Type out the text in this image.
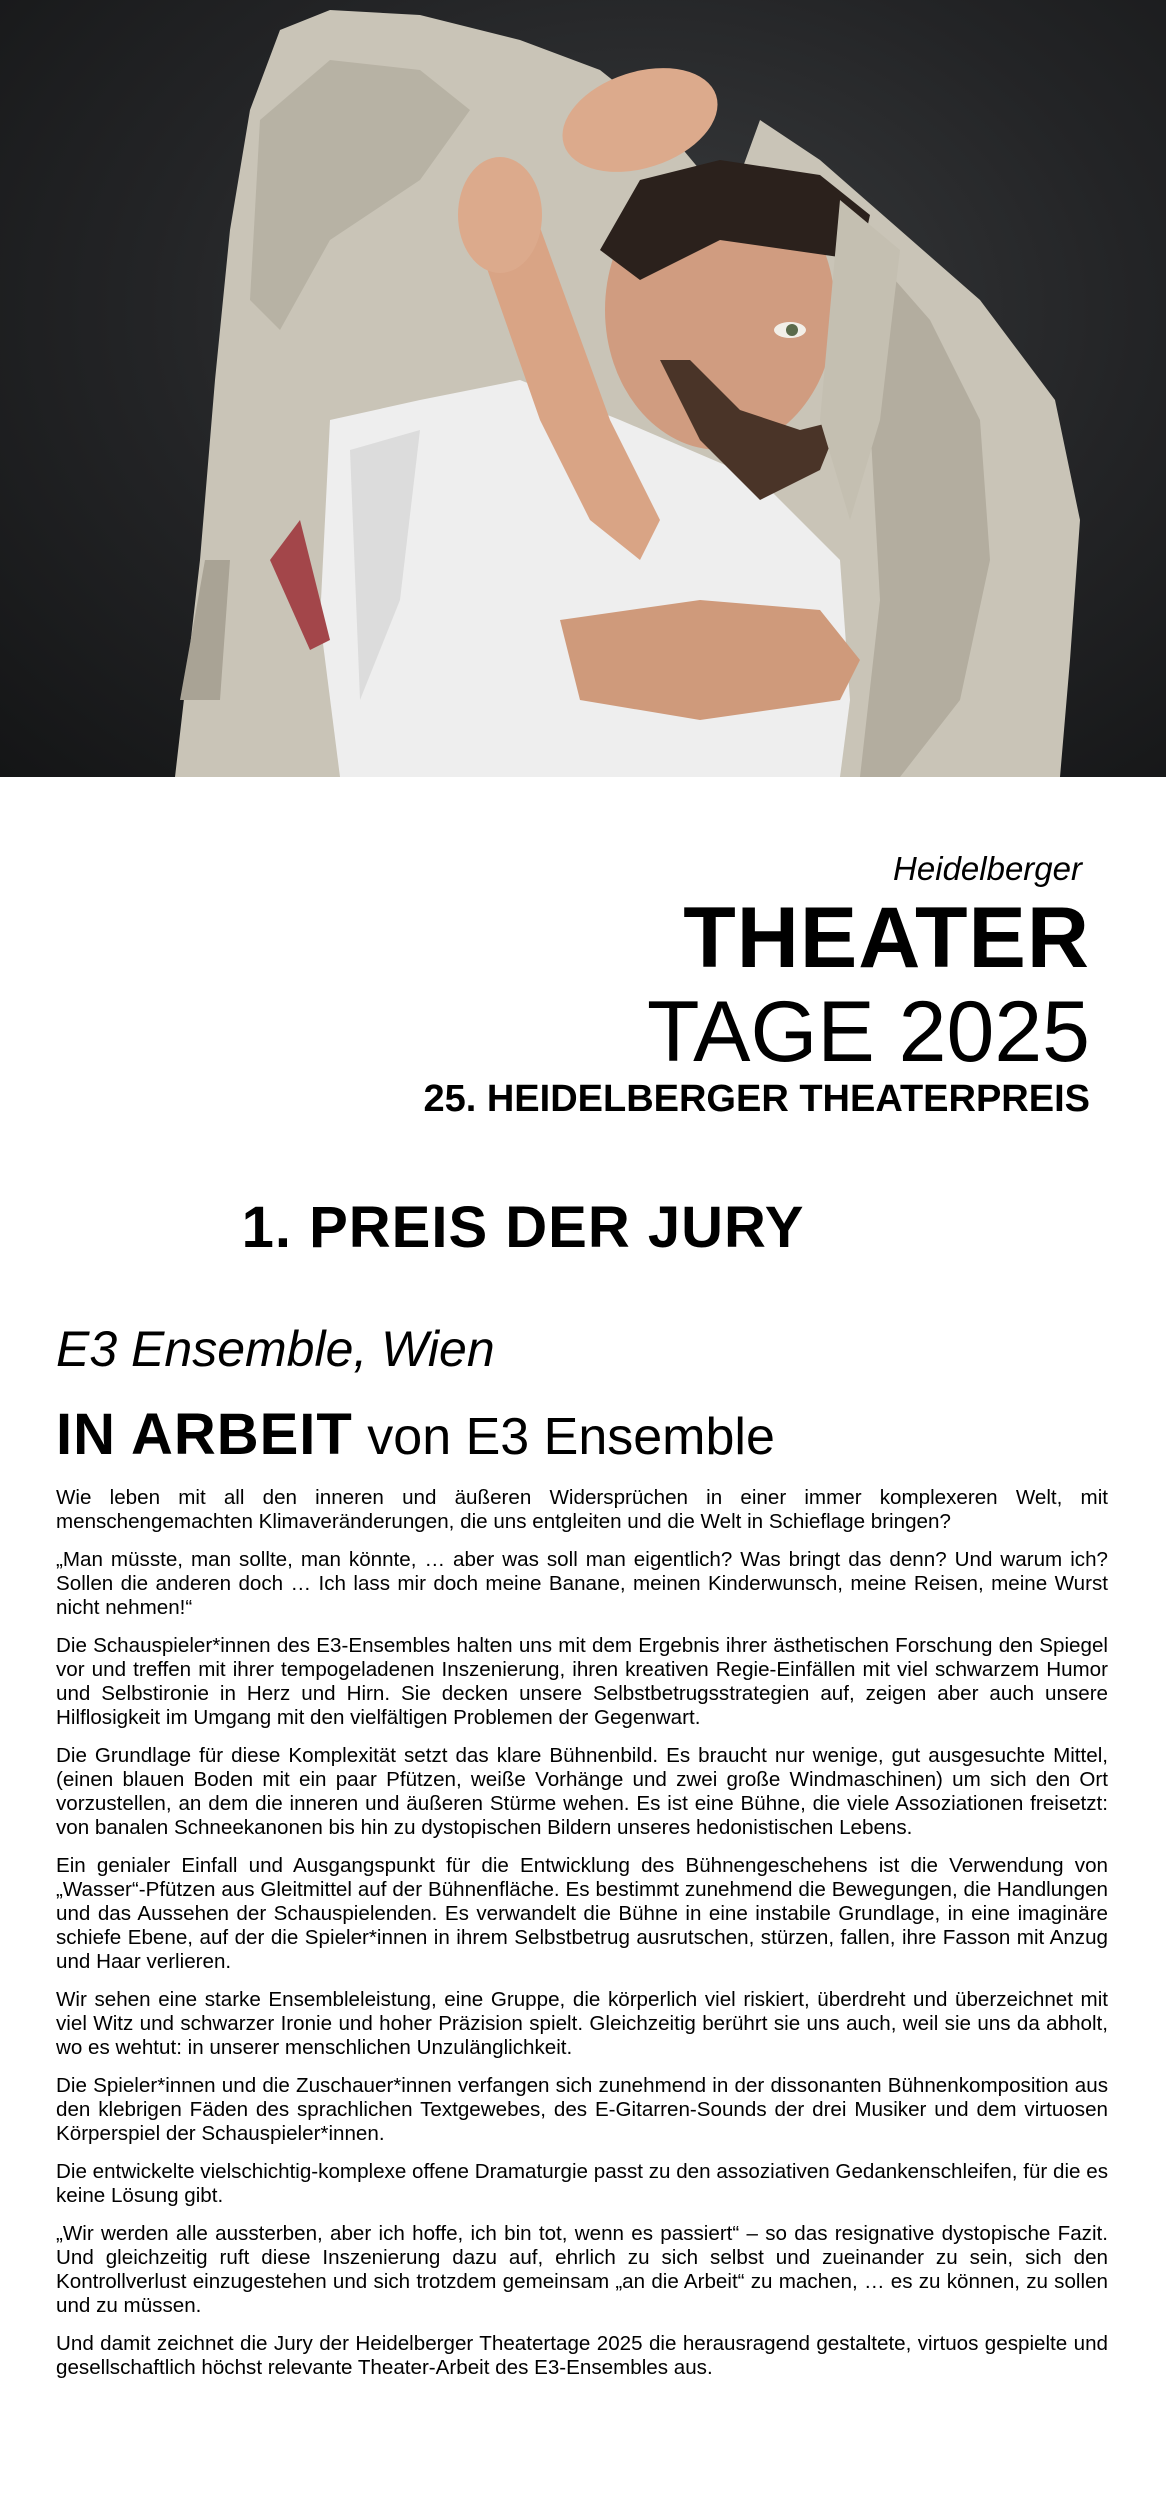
Heidelberger
THEATER
TAGE 2025
25. HEIDELBERGER THEATERPREIS
1. PREIS DER JURY
E3 Ensemble, Wien
IN ARBEIT von E3 Ensemble

Wie leben mit all den inneren und äußeren Widersprüchen in einer immer komplexeren Welt, mit menschengemachten Klimaveränderungen, die uns entgleiten und die Welt in Schieflage bringen?

„Man müsste, man sollte, man könnte, … aber was soll man eigentlich? Was bringt das denn? Und warum ich? Sollen die anderen doch … Ich lass mir doch meine Banane, meinen Kinderwunsch, meine Reisen, meine Wurst nicht nehmen!“

Die Schauspieler*innen des E3-Ensembles halten uns mit dem Ergebnis ihrer ästhetischen Forschung den Spiegel vor und treffen mit ihrer tempogeladenen Inszenierung, ihren kreativen Regie-Einfällen mit viel schwarzem Humor und Selbstironie in Herz und Hirn. Sie decken unsere Selbstbetrugsstrategien auf, zeigen aber auch unsere Hilflosigkeit im Umgang mit den vielfältigen Problemen der Gegenwart.

Die Grundlage für diese Komplexität setzt das klare Bühnenbild. Es braucht nur wenige, gut ausgesuchte Mittel, (einen blauen Boden mit ein paar Pfützen, weiße Vorhänge und zwei große Windmaschinen) um sich den Ort vorzustellen, an dem die inneren und äußeren Stürme wehen. Es ist eine Bühne, die viele Assoziationen freisetzt: von banalen Schneekanonen bis hin zu dystopischen Bildern unseres hedonistischen Lebens.

Ein genialer Einfall und Ausgangspunkt für die Entwicklung des Bühnengeschehens ist die Verwendung von „Wasser“-Pfützen aus Gleitmittel auf der Bühnenfläche. Es bestimmt zunehmend die Bewegungen, die Handlungen und das Aussehen der Schauspielenden. Es verwandelt die Bühne in eine instabile Grundlage, in eine imaginäre schiefe Ebene, auf der die Spieler*innen in ihrem Selbstbetrug ausrutschen, stürzen, fallen, ihre Fasson mit Anzug und Haar verlieren.

Wir sehen eine starke Ensembleleistung, eine Gruppe, die körperlich viel riskiert, überdreht und überzeichnet mit viel Witz und schwarzer Ironie und hoher Präzision spielt. Gleichzeitig berührt sie uns auch, weil sie uns da abholt, wo es wehtut: in unserer menschlichen Unzulänglichkeit.

Die Spieler*innen und die Zuschauer*innen verfangen sich zunehmend in der dissonanten Bühnenkomposition aus den klebrigen Fäden des sprachlichen Textgewebes, des E-Gitarren-Sounds der drei Musiker und dem virtuosen Körperspiel der Schauspieler*innen.

Die entwickelte vielschichtig-komplexe offene Dramaturgie passt zu den assoziativen Gedankenschleifen, für die es keine Lösung gibt.

„Wir werden alle aussterben, aber ich hoffe, ich bin tot, wenn es passiert“ – so das resignative dystopische Fazit. Und gleichzeitig ruft diese Inszenierung dazu auf, ehrlich zu sich selbst und zueinander zu sein, sich den Kontrollverlust einzugestehen und sich trotzdem gemeinsam „an die Arbeit“ zu machen, … es zu können, zu sollen und zu müssen.

Und damit zeichnet die Jury der Heidelberger Theatertage 2025 die herausragend gestaltete, virtuos gespielte und gesellschaftlich höchst relevante Theater-Arbeit des E3-Ensembles aus.
